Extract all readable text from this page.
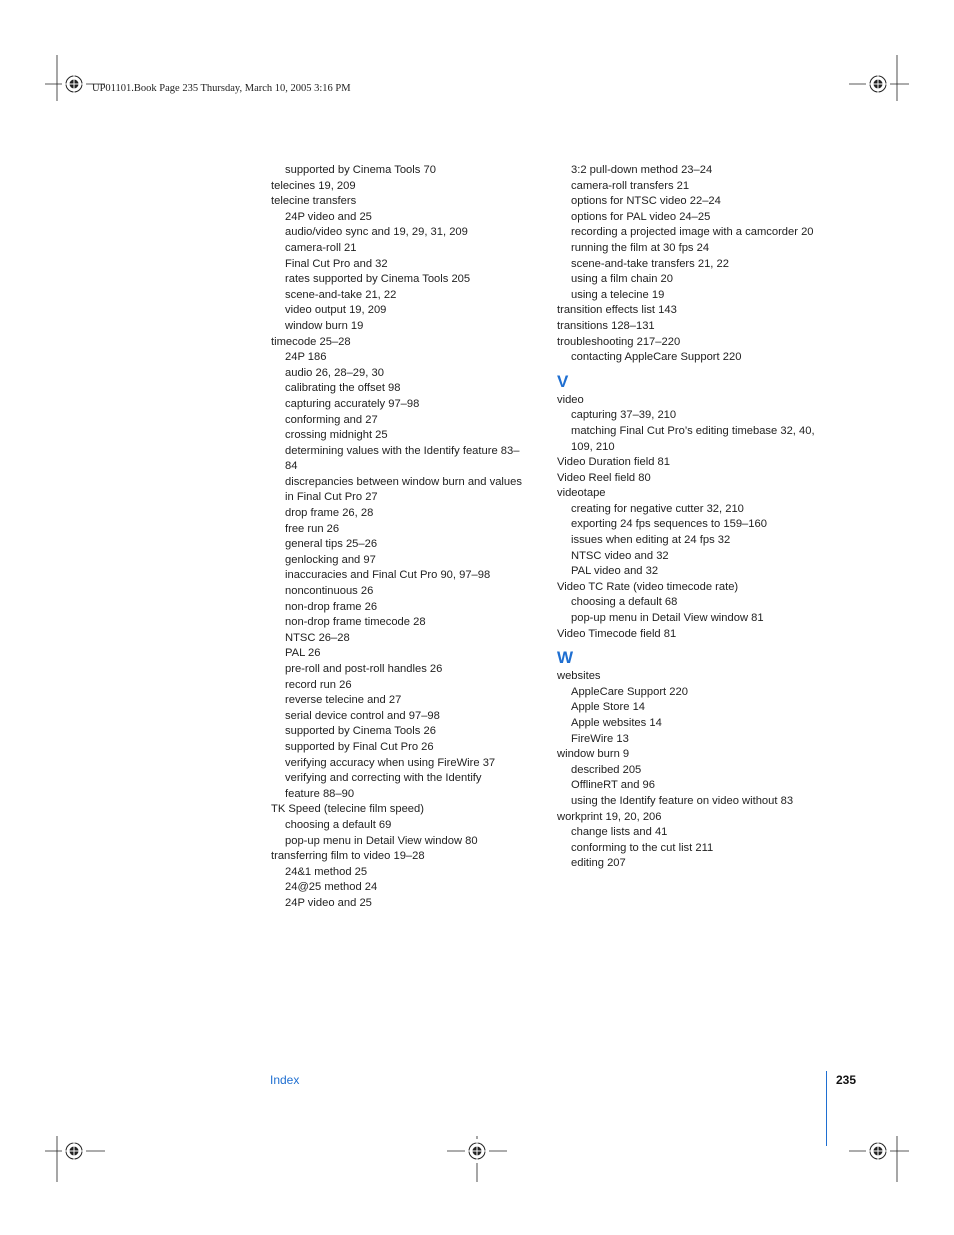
UP01101.Book Page 235 Thursday, March 10, 2005 3:16 PM
supported by Cinema Tools 70
telecines 19, 209
telecine transfers
24P video and 25
audio/video sync and 19, 29, 31, 209
camera-roll 21
Final Cut Pro and 32
rates supported by Cinema Tools 205
scene-and-take 21, 22
video output 19, 209
window burn 19
timecode 25–28
24P 186
audio 26, 28–29, 30
calibrating the offset 98
capturing accurately 97–98
conforming and 27
crossing midnight 25
determining values with the Identify feature 83–
84
discrepancies between window burn and values
in Final Cut Pro 27
drop frame 26, 28
free run 26
general tips 25–26
genlocking and 97
inaccuracies and Final Cut Pro 90, 97–98
noncontinuous 26
non-drop frame 26
non-drop frame timecode 28
NTSC 26–28
PAL 26
pre-roll and post-roll handles 26
record run 26
reverse telecine and 27
serial device control and 97–98
supported by Cinema Tools 26
supported by Final Cut Pro 26
verifying accuracy when using FireWire 37
verifying and correcting with the Identify
feature 88–90
TK Speed (telecine film speed)
choosing a default 69
pop-up menu in Detail View window 80
transferring film to video 19–28
24&1 method 25
24@25 method 24
24P video and 25
3:2 pull-down method 23–24
camera-roll transfers 21
options for NTSC video 22–24
options for PAL video 24–25
recording a projected image with a camcorder 20
running the film at 30 fps 24
scene-and-take transfers 21, 22
using a film chain 20
using a telecine 19
transition effects list 143
transitions 128–131
troubleshooting 217–220
contacting AppleCare Support 220
V
video
capturing 37–39, 210
matching Final Cut Pro’s editing timebase 32, 40,
109, 210
Video Duration field 81
Video Reel field 80
videotape
creating for negative cutter 32, 210
exporting 24 fps sequences to 159–160
issues when editing at 24 fps 32
NTSC video and 32
PAL video and 32
Video TC Rate (video timecode rate)
choosing a default 68
pop-up menu in Detail View window 81
Video Timecode field 81
W
websites
AppleCare Support 220
Apple Store 14
Apple websites 14
FireWire 13
window burn 9
described 205
OfflineRT and 96
using the Identify feature on video without 83
workprint 19, 20, 206
change lists and 41
conforming to the cut list 211
editing 207
Index	235
